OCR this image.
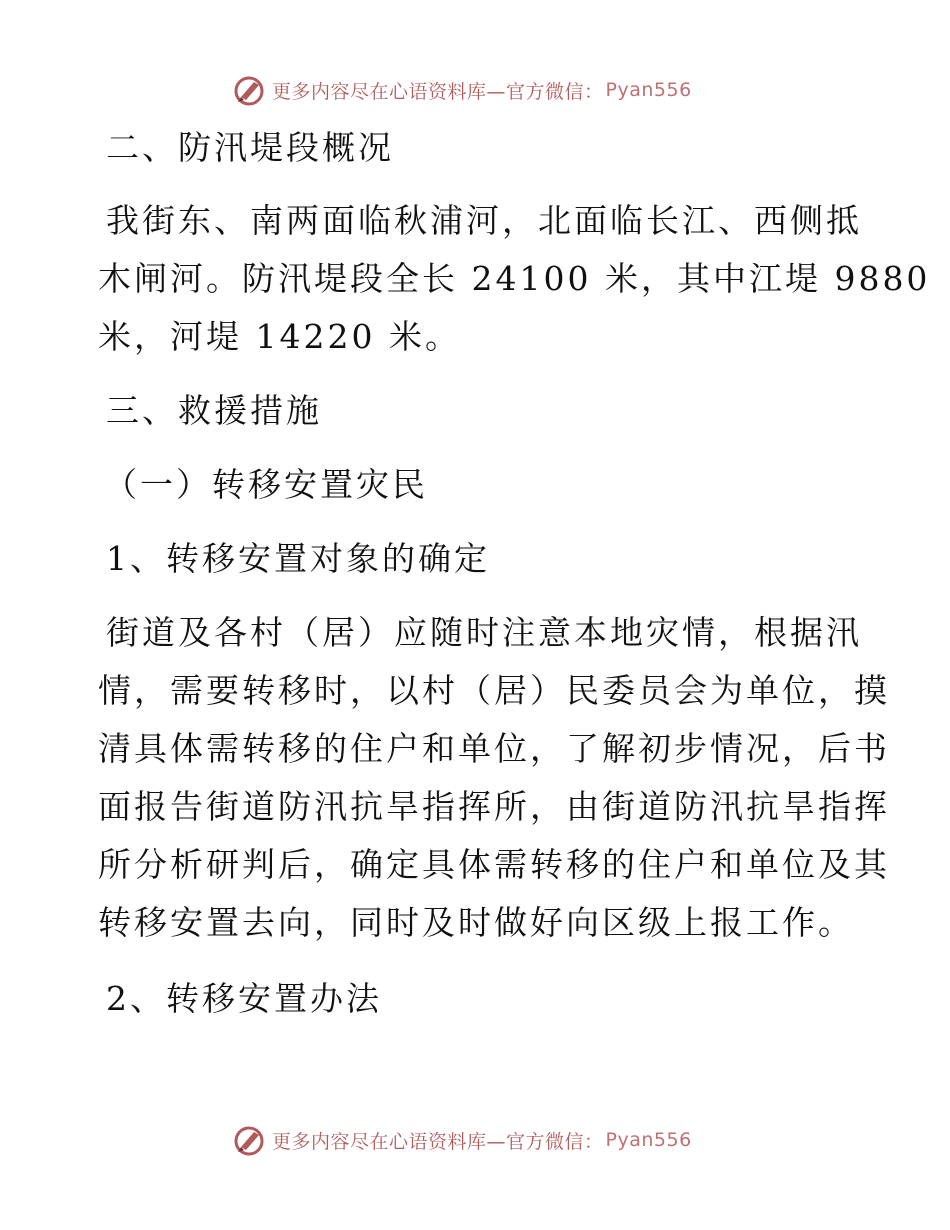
更多内容尽在心语资料库—官方微信： Pyan556
二、防汛堤段概况
我街东、南两面临秋浦河，北面临长江、西侧抵
木闸河。防汛堤段全长 24100 米，其中江堤 9880
米，河堤 14220 米。
三、救援措施
（一）转移安置灾民
1、转移安置对象的确定
街道及各村（居）应随时注意本地灾情，根据汛
情，需要转移时，以村（居）民委员会为单位，摸
清具体需转移的住户和单位，了解初步情况，后书
面报告街道防汛抗旱指挥所，由街道防汛抗旱指挥
所分析研判后，确定具体需转移的住户和单位及其
转移安置去向，同时及时做好向区级上报工作。
2、转移安置办法
更多内容尽在心语资料库—官方微信： Pyan556
